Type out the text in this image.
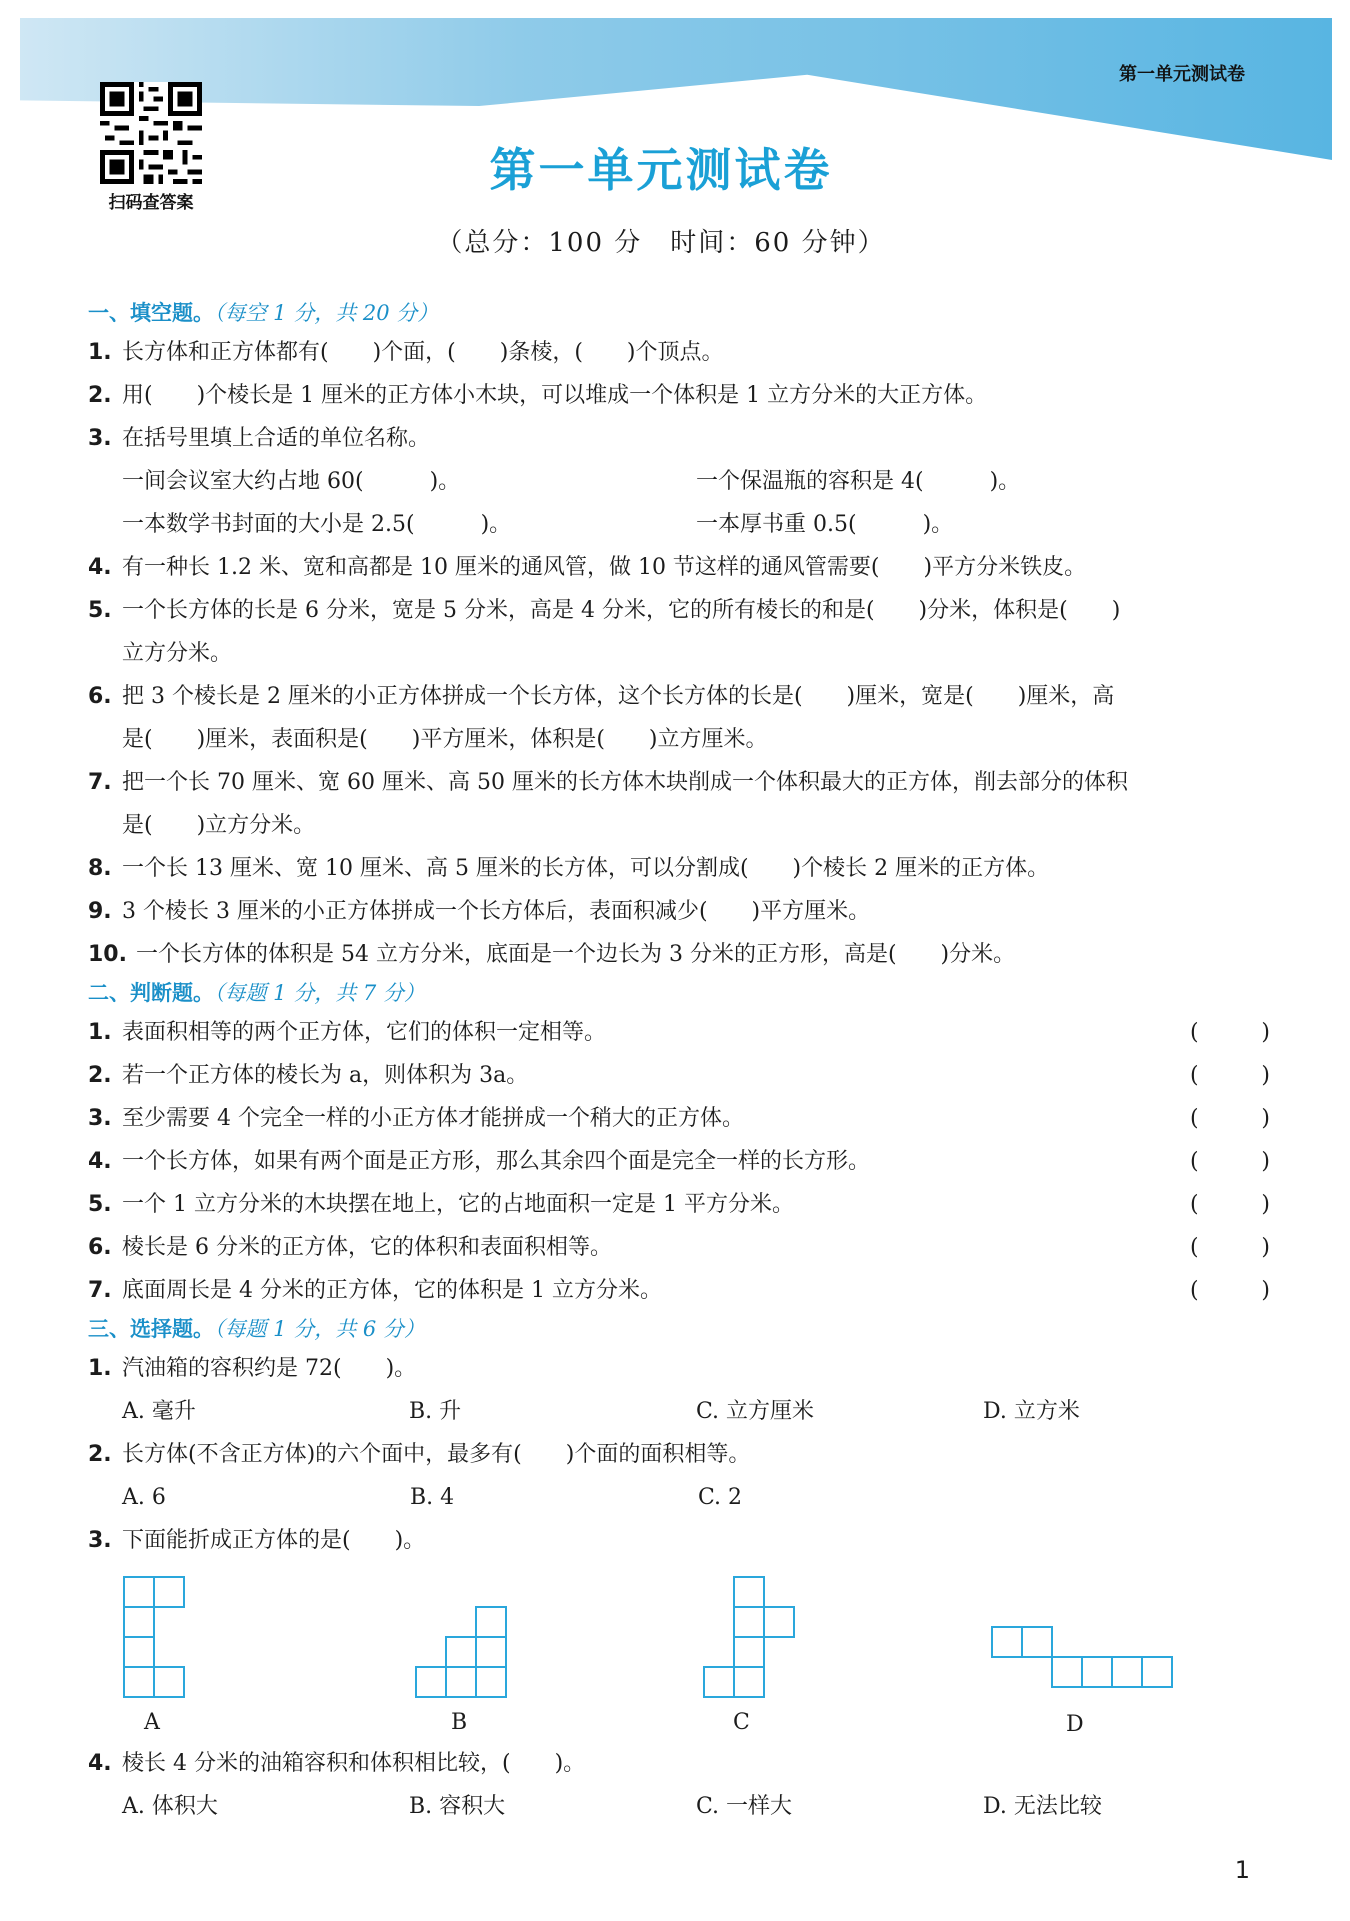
第一单元测试卷
扫码查答案
第一单元测试卷
（总分：100 分　时间：60 分钟）
一、填空题。（每空 1 分，共 20 分）
1. 长方体和正方体都有(　　)个面，(　　)条棱，(　　)个顶点。
2. 用(　　)个棱长是 1 厘米的正方体小木块，可以堆成一个体积是 1 立方分米的大正方体。
3. 在括号里填上合适的单位名称。
一间会议室大约占地 60(　　　)。	一个保温瓶的容积是 4(　　　)。
一本数学书封面的大小是 2.5(　　　)。	一本厚书重 0.5(　　　)。
4. 有一种长 1.2 米、宽和高都是 10 厘米的通风管，做 10 节这样的通风管需要(　　)平方分米铁皮。
5. 一个长方体的长是 6 分米，宽是 5 分米，高是 4 分米，它的所有棱长的和是(　　)分米，体积是(　　)
立方分米。
6. 把 3 个棱长是 2 厘米的小正方体拼成一个长方体，这个长方体的长是(　　)厘米，宽是(　　)厘米，高
是(　　)厘米，表面积是(　　)平方厘米，体积是(　　)立方厘米。
7. 把一个长 70 厘米、宽 60 厘米、高 50 厘米的长方体木块削成一个体积最大的正方体，削去部分的体积
是(　　)立方分米。
8. 一个长 13 厘米、宽 10 厘米、高 5 厘米的长方体，可以分割成(　　)个棱长 2 厘米的正方体。
9. 3 个棱长 3 厘米的小正方体拼成一个长方体后，表面积减少(　　)平方厘米。
10. 一个长方体的体积是 54 立方分米，底面是一个边长为 3 分米的正方形，高是(　　)分米。
二、判断题。（每题 1 分，共 7 分）
1. 表面积相等的两个正方体，它们的体积一定相等。	(	)
2. 若一个正方体的棱长为 a，则体积为 3a。	(	)
3. 至少需要 4 个完全一样的小正方体才能拼成一个稍大的正方体。	(	)
4. 一个长方体，如果有两个面是正方形，那么其余四个面是完全一样的长方形。	(	)
5. 一个 1 立方分米的木块摆在地上，它的占地面积一定是 1 平方分米。	(	)
6. 棱长是 6 分米的正方体，它的体积和表面积相等。	(	)
7. 底面周长是 4 分米的正方体，它的体积是 1 立方分米。	(	)
三、选择题。（每题 1 分，共 6 分）
1. 汽油箱的容积约是 72(　　)。
A. 毫升	B. 升	C. 立方厘米	D. 立方米
2. 长方体(不含正方体)的六个面中，最多有(　　)个面的面积相等。
A. 6	B. 4	C. 2
3. 下面能折成正方体的是(　　)。
A	B	C	D
4. 棱长 4 分米的油箱容积和体积相比较，(　　)。
A. 体积大	B. 容积大	C. 一样大	D. 无法比较
1
